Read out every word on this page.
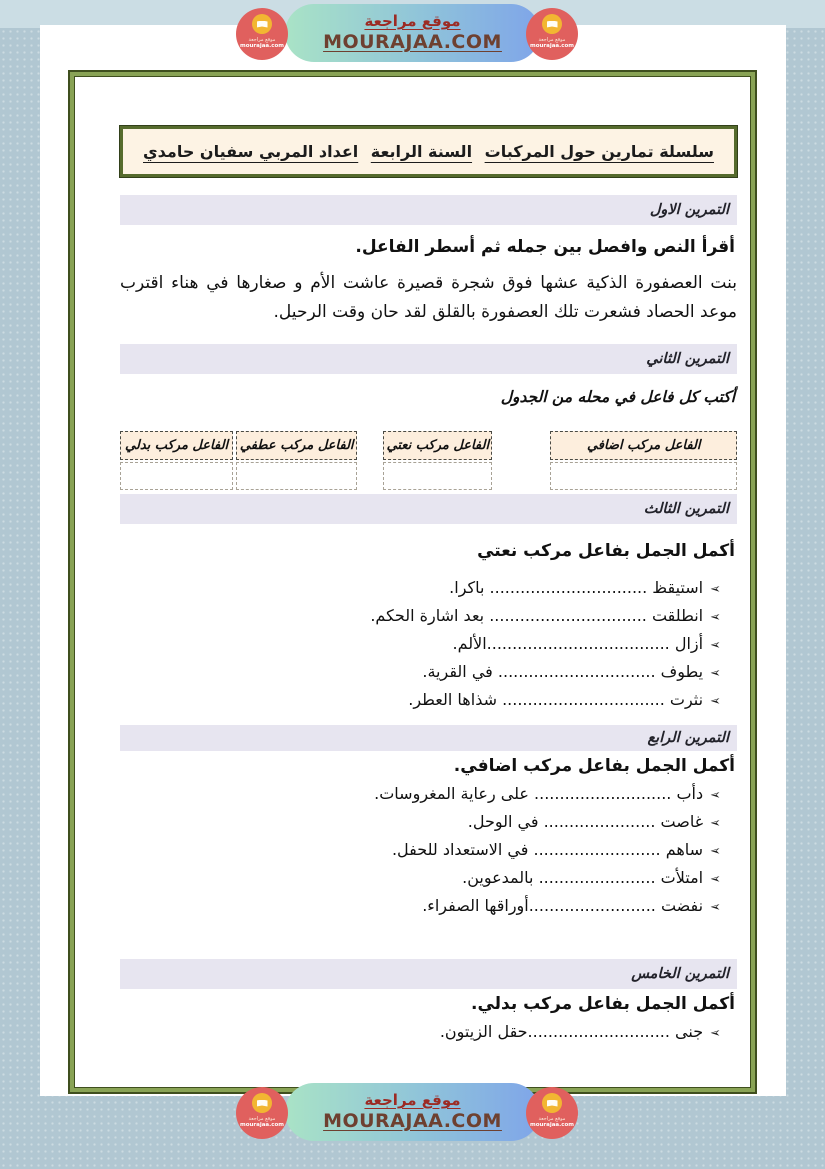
سلسلة تمارين حول المركبات
السنة الرابعة
اعداد المربي سفيان حامدي
التمرين الاول

أقرأ النص وافصل بين جمله ثم أسطر الفاعل.

بنت العصفورة الذكية عشها فوق شجرة قصيرة عاشت الأم و صغارها في هناء اقترب موعد الحصاد فشعرت تلك العصفورة بالقلق لقد حان وقت الرحيل.

التمرين الثاني

أكتب كل فاعل في محله من الجدول

الفاعل مركب اضافي
الفاعل مركب نعتي
الفاعل مركب عطفي
الفاعل مركب بدلي
التمرين الثالث

أكمل الجمل بفاعل مركب نعتي

➢
استيقظ ............................... باكرا.
➢
انطلقت ............................... بعد اشارة الحكم.
➢
أزال ....................................الألم.
➢
يطوف ............................... في القرية.
➢
نثرت ................................ شذاها العطر.
التمرين الرابع

أكمل الجمل بفاعل مركب اضافي.

➢
دأب ........................... على رعاية المغروسات.
➢
غاصت ...................... في الوحل.
➢
ساهم ......................... في الاستعداد للحفل.
➢
امتلأت ....................... بالمدعوين.
➢
نفضت .........................أوراقها الصفراء.
التمرين الخامس

أكمل الجمل بفاعل مركب بدلي.

➢
جنى ............................حقل الزيتون.
موقع مراجعة
MOURAJAA.COM
موقع مراجعة
mourajaa.com
موقع مراجعة
mourajaa.com
موقع مراجعة
MOURAJAA.COM
موقع مراجعة
mourajaa.com
موقع مراجعة
mourajaa.com
